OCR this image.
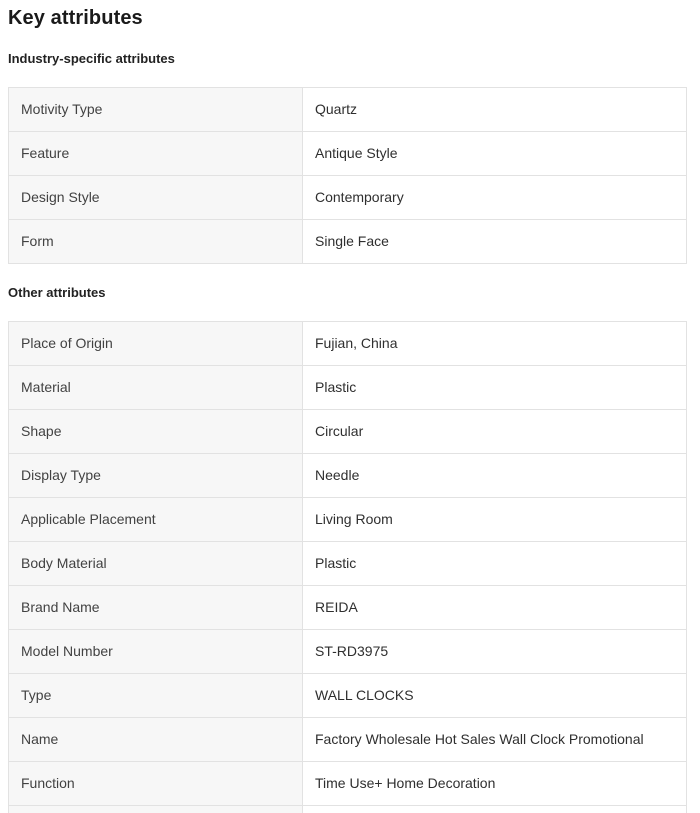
Key attributes
Industry-specific attributes
Motivity Type	Quartz
Feature	Antique Style
Design Style	Contemporary
Form	Single Face
Other attributes
Place of Origin	Fujian, China
Material	Plastic
Shape	Circular
Display Type	Needle
Applicable Placement	Living Room
Body Material	Plastic
Brand Name	REIDA
Model Number	ST-RD3975
Type	WALL CLOCKS
Name	Factory Wholesale Hot Sales Wall Clock Promotional
Function	Time Use+ Home Decoration
